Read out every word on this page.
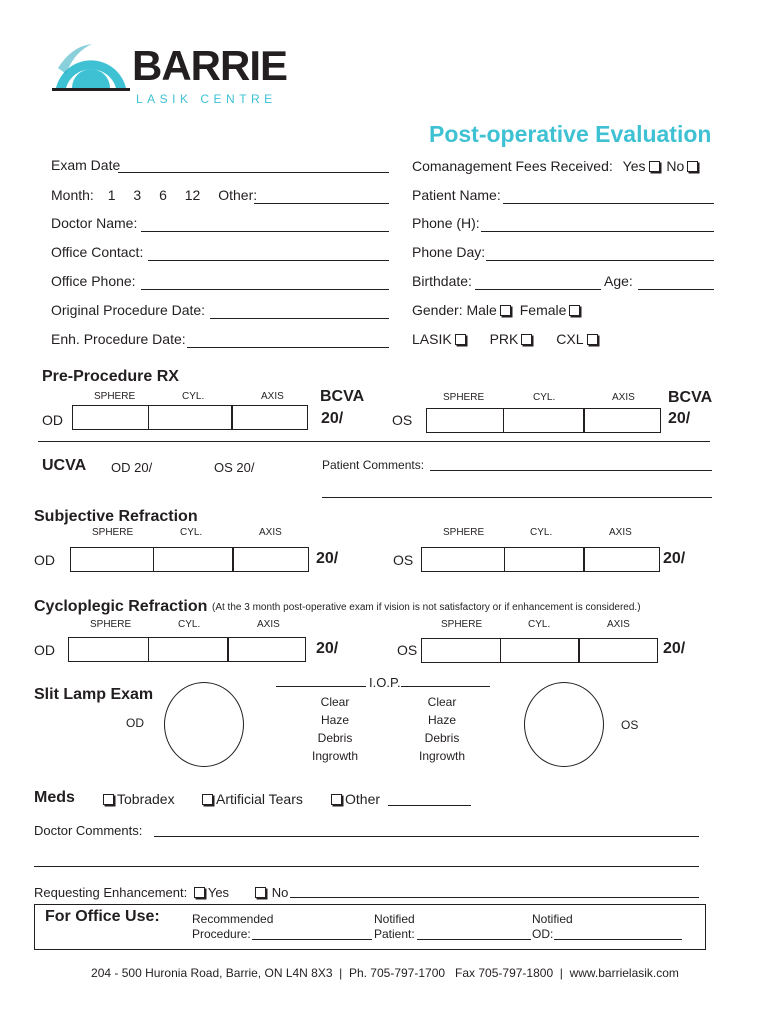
BARRIE
LASIK CENTRE
Post-operative Evaluation
Exam Date
Month: 1 3 6 12 Other:
Doctor Name:
Office Contact:
Office Phone:
Original Procedure Date:
Enh. Procedure Date:
Comanagement Fees Received: Yes No
Patient Name:
Phone (H):
Phone Day:
Birthdate:	Age:
Gender: Male Female
LASIK	PRK	CXL
Pre-Procedure RX
SPHERE	CYL.	AXIS BCVA
OD	20/
SPHERE	CYL.	AXIS BCVA
OS	20/
UCVA OD 20/	OS 20/	Patient Comments:
Subjective Refraction
SPHERE	CYL.	AXIS
OD	20/
SPHERE	CYL.	AXIS
OS	20/
Cycloplegic Refraction (At the 3 month post-operative exam if vision is not satisfactory or if enhancement is considered.)
SPHERE	CYL.	AXIS
OD	20/
SPHERE	CYL.	AXIS
OS	20/
Slit Lamp Exam
OD
I.O.P.
Clear
Haze
Debris
Ingrowth
Clear
Haze
Debris
Ingrowth
OS
Meds	Tobradex	Artificial Tears	Other
Doctor Comments:
Requesting Enhancement: Yes	No
For Office Use:	Recommended
Procedure:
Notified
Patient:
Notified
OD:
204 - 500 Huronia Road, Barrie, ON L4N 8X3  |  Ph. 705-797-1700   Fax 705-797-1800  |  www.barrielasik.com
